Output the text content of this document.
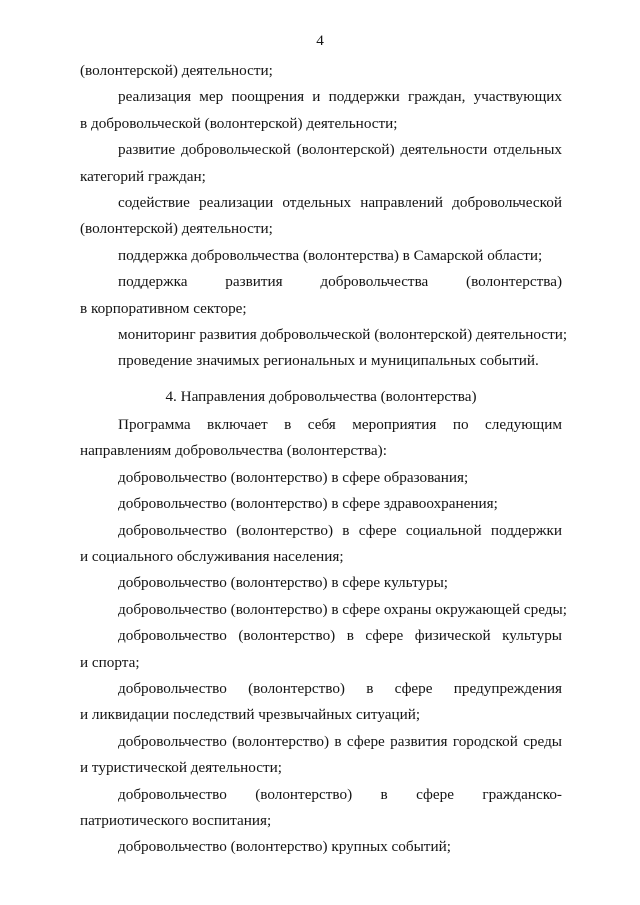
4
(волонтерской) деятельности;
реализация мер поощрения и поддержки граждан, участвующих
в добровольческой (волонтерской) деятельности;
развитие добровольческой (волонтерской) деятельности отдельных
категорий граждан;
содействие реализации отдельных направлений добровольческой
(волонтерской) деятельности;
поддержка добровольчества (волонтерства) в Самарской области;
поддержка развития добровольчества (волонтерства)
в корпоративном секторе;
мониторинг развития добровольческой (волонтерской) деятельности;
проведение значимых региональных и муниципальных событий.
4. Направления добровольчества (волонтерства)
Программа включает в себя мероприятия по следующим
направлениям добровольчества (волонтерства):
добровольчество (волонтерство) в сфере образования;
добровольчество (волонтерство) в сфере здравоохранения;
добровольчество (волонтерство) в сфере социальной поддержки
и социального обслуживания населения;
добровольчество (волонтерство) в сфере культуры;
добровольчество (волонтерство) в сфере охраны окружающей среды;
добровольчество (волонтерство) в сфере физической культуры
и спорта;
добровольчество (волонтерство) в сфере предупреждения
и ликвидации последствий чрезвычайных ситуаций;
добровольчество (волонтерство) в сфере развития городской среды
и туристической деятельности;
добровольчество (волонтерство) в сфере гражданско-
патриотического воспитания;
добровольчество (волонтерство) крупных событий;
